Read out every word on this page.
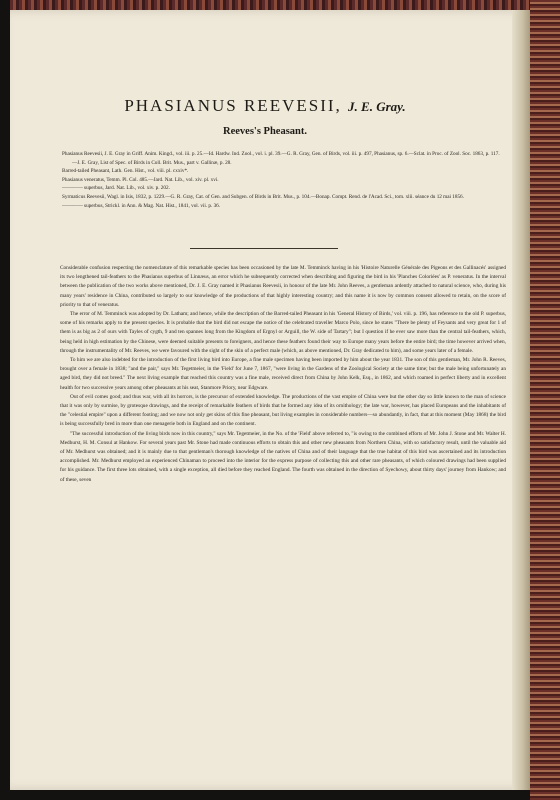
PHASIANUS REEVESII, J. E. Gray.
Reeves's Pheasant.

Phasianus Reevesii, J. E. Gray in Griff. Anim. Kingd., vol. iii. p. 25.—Id. Hardw. Ind. Zool., vol. i. pl. 39.—G. R. Gray, Gen. of Birds, vol. iii. p. 497, Phasianus, sp. 6.—Sclat. in Proc. of Zool. Soc. 1863, p. 117.—J. E. Gray, List of Spec. of Birds in Coll. Brit. Mus., part v. Gallinæ, p. 28.

Barred-tailed Pheasant, Lath. Gen. Hist., vol. viii. pl. cxxiv*.

Phasianus veneratus, Temm. Pl. Col. 485.—Jard. Nat. Lib., vol. xiv. pl. xvi.

———— superbus, Jard. Nat. Lib., vol. xiv. p. 202.

Syrmaticus Reevesii, Wagl. in Isis, 1832, p. 1229.—G. R. Gray, Cat. of Gen. and Subgen. of Birds in Brit. Mus., p. 104.—Bonap. Compt. Rend. de l'Acad. Sci., tom. xlii. séance du 12 mai 1856.

———— superbus, Strickl. in Ann. & Mag. Nat. Hist., 1841, vol. vii. p. 36.

Considerable confusion respecting the nomenclature of this remarkable species has been occasioned by the late M. Temminck having in his 'Histoire Naturelle Générale des Pigeons et des Gallinacés' assigned its two lengthened tail-feathers to the Phasianus superbus of Linnæus, an error which he subsequently corrected when describing and figuring the bird in his 'Planches Coloriées' as P. veneratus. In the interval between the publication of the two works above mentioned, Dr. J. E. Gray named it Phasianus Reevesii, in honour of the late Mr. John Reeves, a gentleman ardently attached to natural science, who, during his many years' residence in China, contributed so largely to our knowledge of the productions of that highly interesting country; and this name it is now by common consent allowed to retain, on the score of priority to that of veneratus.

The error of M. Temminck was adopted by Dr. Latham; and hence, while the description of the Barred-tailed Pheasant in his 'General History of Birds,' vol. viii. p. 196, has reference to the old P. superbus, some of his remarks apply to the present species. It is probable that the bird did not escape the notice of the celebrated traveller Marco Polo, since he states "There be plenty of Feysants and very great for 1 of them is as big as 2 of ours with Tayles of cygth, 9 and ten spannes long from the Kingdom of Ergnyl or Arguill, the W. side of Tartary"; but I question if he ever saw more than the central tail-feathers, which, being held in high estimation by the Chinese, were deemed suitable presents to foreigners, and hence these feathers found their way to Europe many years before the entire bird; the time however arrived when, through the instrumentality of Mr. Reeves, we were favoured with the sight of the skin of a perfect male (which, as above mentioned, Dr. Gray dedicated to him), and some years later of a female.

To him we are also indebted for the introduction of the first living bird into Europe, a fine male specimen having been imported by him about the year 1831. The son of this gentleman, Mr. John R. Reeves, brought over a female in 1838; "and the pair," says Mr. Tegetmeier, in the 'Field' for June 7, 1867, "were living in the Gardens of the Zoological Society at the same time; but the male being unfortunately an aged bird, they did not breed." The next living example that reached this country was a fine male, received direct from China by John Kelk, Esq., in 1862, and which roamed in perfect liberty and in excellent health for two successive years among other pheasants at his seat, Stanmore Priory, near Edgware.

Out of evil comes good; and thus war, with all its horrors, is the precursor of extended knowledge. The productions of the vast empire of China were but the other day so little known to the man of science that it was only by surmise, by grotesque drawings, and the receipt of remarkable feathers of birds that he formed any idea of its ornithology; the late war, however, has placed Europeans and the inhabitants of the "celestial empire" upon a different footing; and we now not only get skins of this fine pheasant, but living examples in considerable numbers—so abundantly, in fact, that at this moment (May 1868) the bird is being successfully bred in more than one menagerie both in England and on the continent.

"The successful introduction of the living birds now in this country," says Mr. Tegetmeier, in the No. of the 'Field' above referred to, "is owing to the combined efforts of Mr. John J. Stone and Mr. Walter H. Medhurst, H. M. Consul at Hankow. For several years past Mr. Stone had made continuous efforts to obtain this and other new pheasants from Northern China, with so satisfactory result, until the valuable aid of Mr. Medhurst was obtained; and it is mainly due to that gentleman's thorough knowledge of the natives of China and of their language that the true habitat of this bird was ascertained and its introduction accomplished. Mr. Medhurst employed an experienced Chinaman to proceed into the interior for the express purpose of collecting this and other rare pheasants, of which coloured drawings had been supplied for his guidance. The first three lots obtained, with a single exception, all died before they reached England. The fourth was obtained in the direction of Syechowy, about thirty days' journey from Hankow; and of these, seven
